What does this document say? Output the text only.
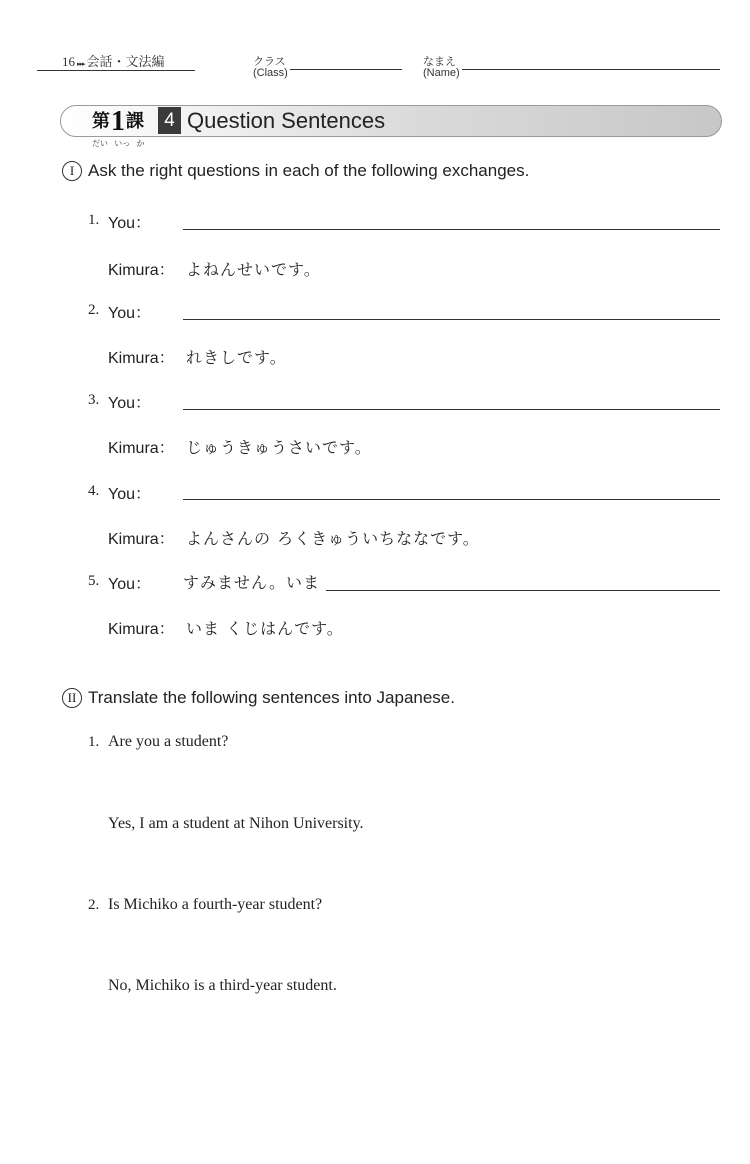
16 ▸▸▸ 会話・文法編	クラス
(Class)
なまえ
(Name)
第1課	4 Question Sentences
だい いっ か
I Ask the right questions in each of the following exchanges.
1. You：
Kimura： よねんせいです。
2. You：
Kimura： れきしです。
3. You：
Kimura： じゅうきゅうさいです。
4. You：
Kimura： よんさんの ろくきゅういちななです。
5. You： すみません。いま
Kimura： いま くじはんです。
II Translate the following sentences into Japanese.
1. Are you a student?
Yes, I am a student at Nihon University.
2. Is Michiko a fourth-year student?
No, Michiko is a third-year student.
